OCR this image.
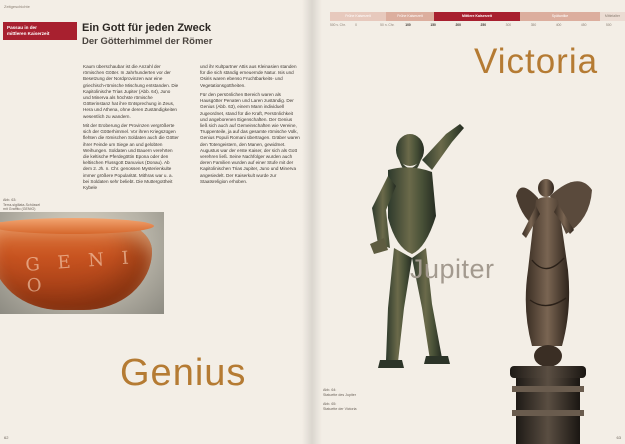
Zeitgeschichte
Passau in der
mittleren Kaiserzeit	Ein Gott für jeden Zweck
Der Götterhimmel der Römer

Kaum überschaubar ist die Anzahl der römischen Götter. In Jahrhunderten vor der Besetzung der Nordprovinzen war eine griechisch-römische Mischung entstanden. Die Kapitolinische Trias Jupiter (Abb. 64), Juno und Minerva als höchste römische Götterinstanz hat ihre Entsprechung in Zeus, Hera und Athena, ohne deren Zuständigkeiten wesentlich zu wandern.

Mit der Eroberung der Provinzen vergrößerte sich der Götterhimmel. Vor ihren Kriegszügen flehten die römischen Soldaten auch die Götter ihrer Feinde um Siege an und gelobten Weihungen. Soldaten und Bauern verehrten die keltische Pferdegöttin Epona oder den keltischen Flussgott Danuvius (Donau). Ab dem 2. Jh. n. Chr. genossen Mysterienkulte immer größere Popularität. Mithras war u. a. bei Soldaten sehr beliebt. Die Muttergottheit Kybele

und ihr Kultpartner Attis aus Kleinasien standen für die sich ständig erneuernde Natur. Isis und Osiris waren ebenso Fruchtbarkeits- und Vegetationsgottheiten.

Für den persönlichen Bereich waren als Hausgötter Penaten und Laren zuständig. Der Genius (Abb. 63), einem Mann individuell zugeordnet, stand für die Kraft, Persönlichkeit und angeborenen Eigenschaften. Der Genius ließ sich auch auf Gemeinschaften wie Vereine, Truppenteile, ja auf das gesamte römische Volk, Genius Populi Romani übertragen. Gräber waren den Totengeistern, den Manen, gewidmet. Augustus war der erste Kaiser, der sich als Gott verehren ließ. Seine Nachfolger wurden auch deren Familien wurden auf einer Stufe mit der Kapitolinischen Trias Jupiter, Juno und Minerva angesiedelt. Der Kaiserkult wurde zur Staatsreligion erhoben.

Abb. 63:
Terra-sigillata-Schüssel
mit Graffito (GENIO)
G E N I O
Genius
62
Frühe Kaiserzeit	Frühe Kaiserzeit	Mittlere Kaiserzeit	Spätantike	Mittelalter
500 v. Chr.	0	50 n. Chr.	100	150	200	250	300	350	400	450	500
Victoria
Jupiter
Abb. 64:
Statuette des Jupiter
Abb. 65:
Statuette der Victoria
63
